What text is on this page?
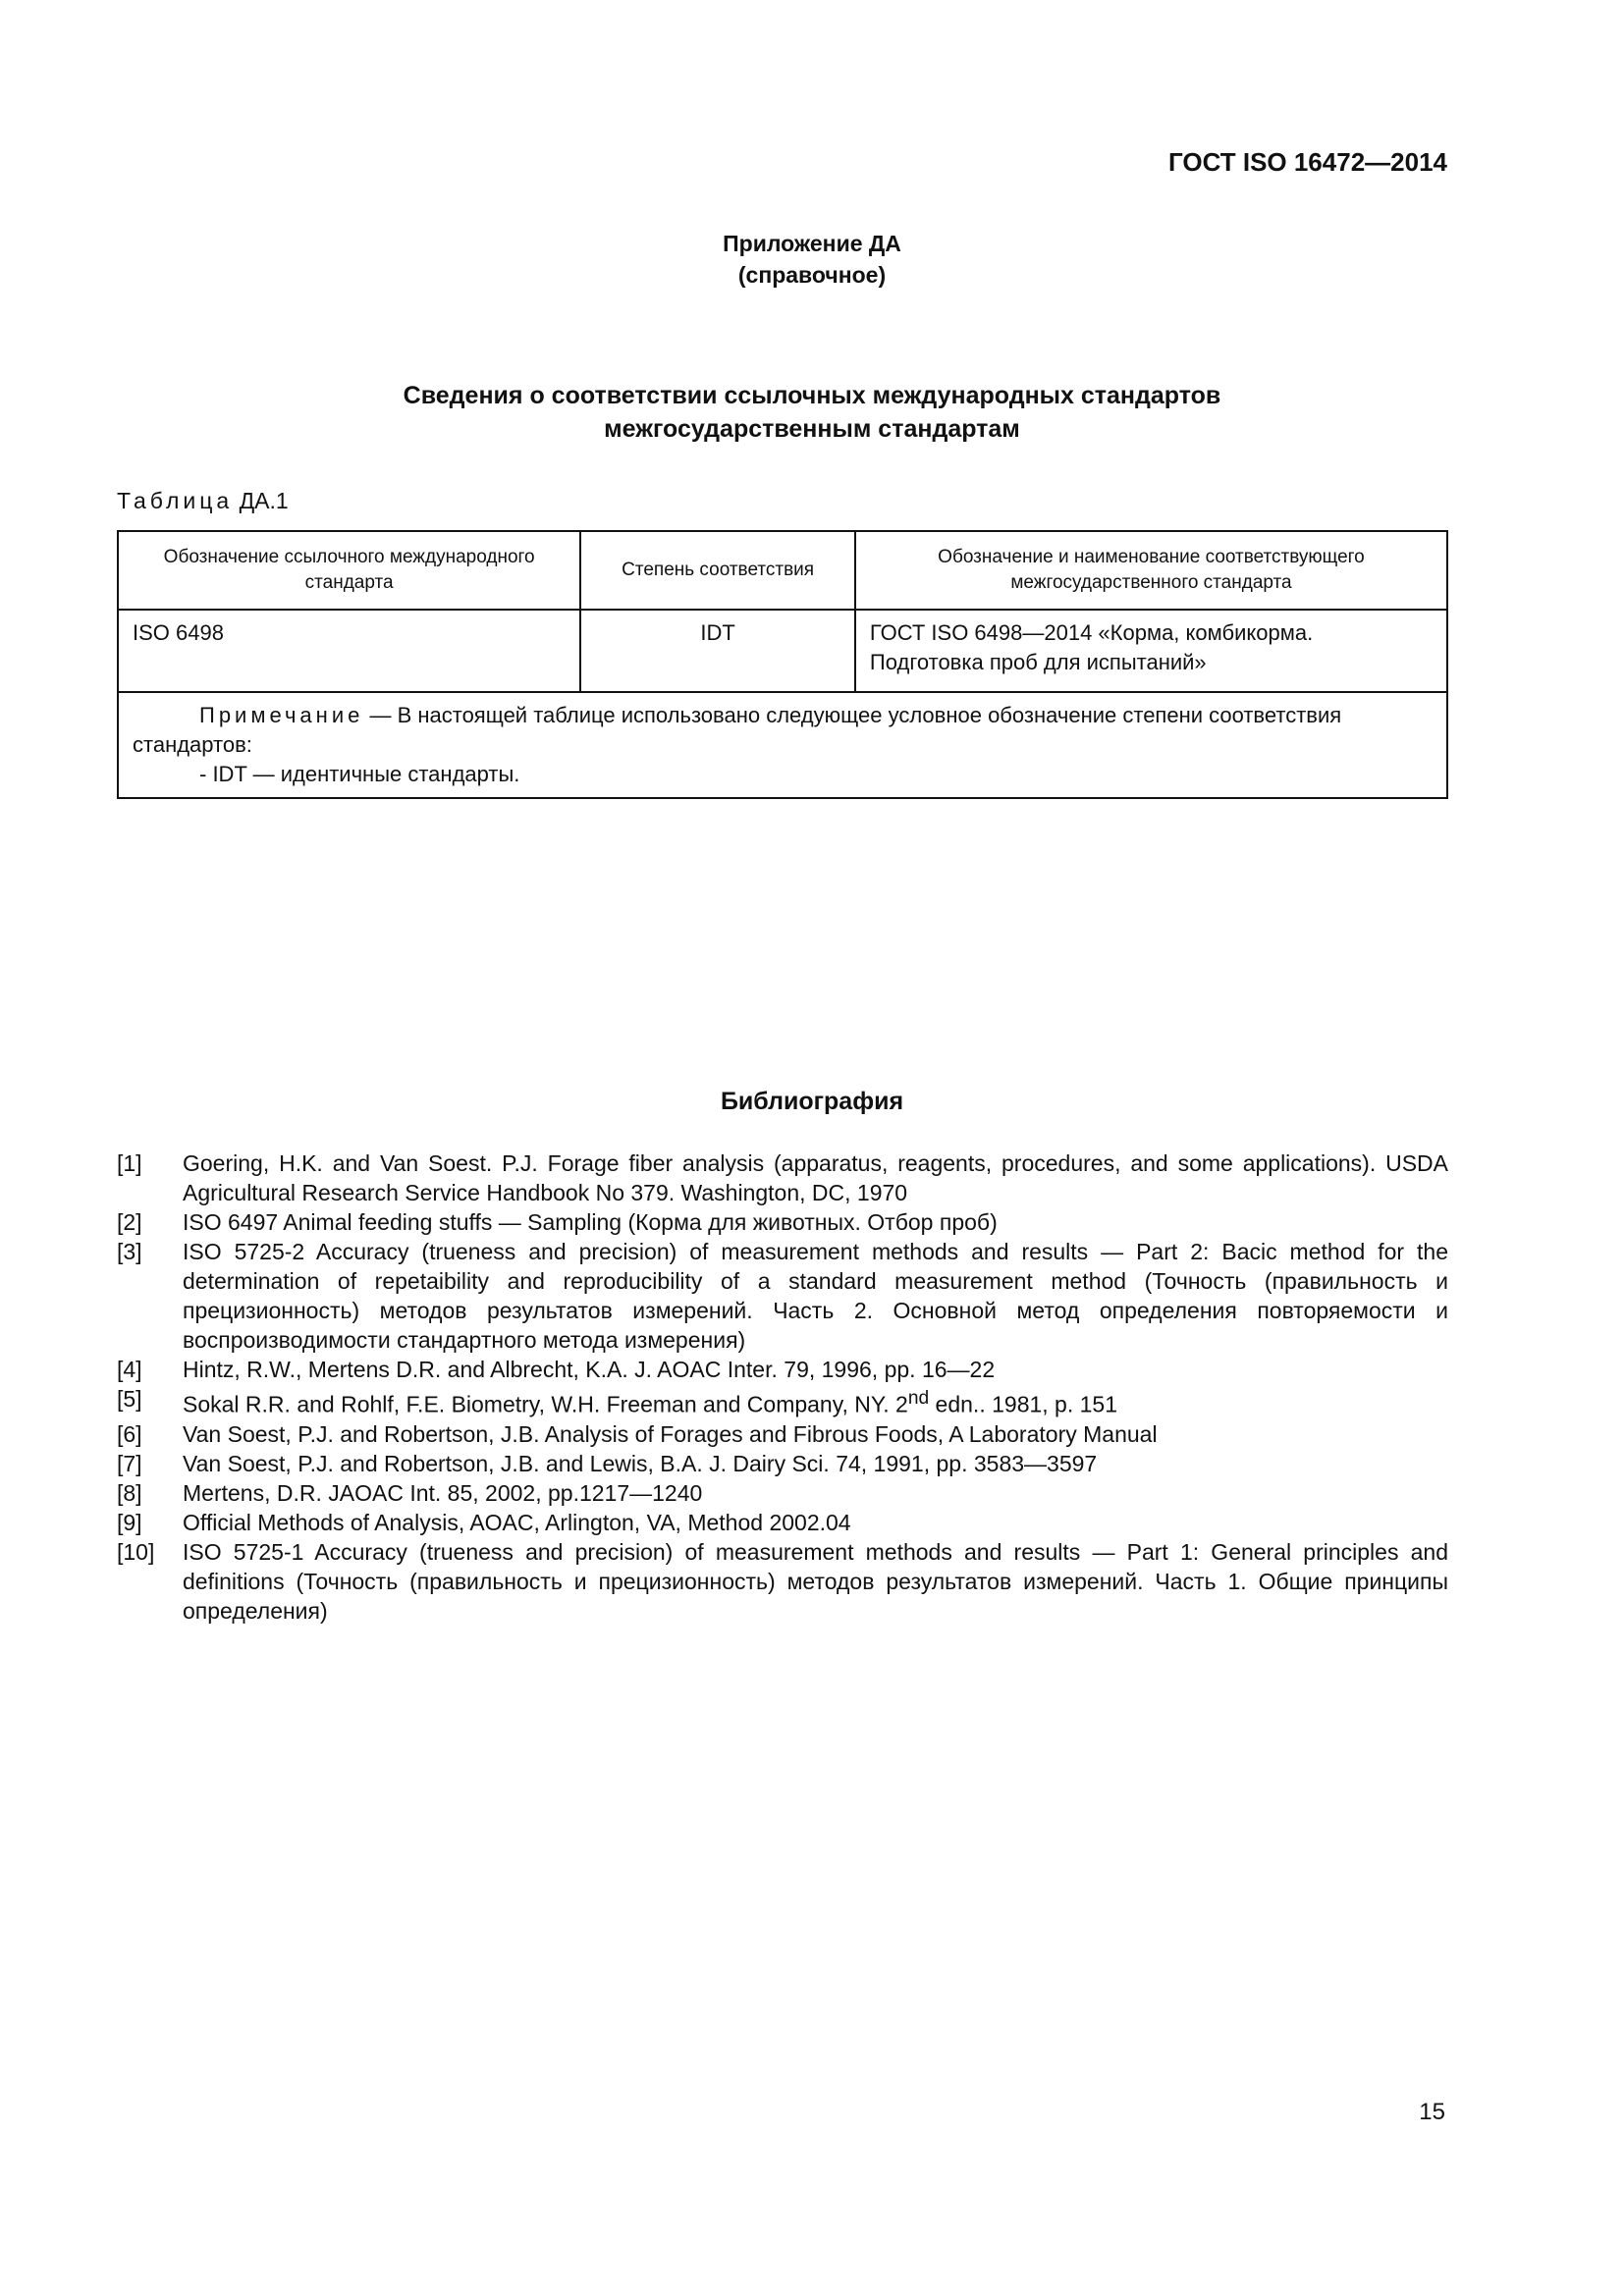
ГОСТ ISO 16472—2014
Приложение ДА
(справочное)
Сведения о соответствии ссылочных международных стандартов
межгосударственным стандартам
Таблица ДА.1
Обозначение ссылочного международного стандарта	Степень соответствия	Обозначение и наименование соответствующего межгосударственного стандарта
ISO 6498	IDT	ГОСТ ISO 6498—2014 «Корма, комбикорма. Подготовка проб для испытаний»

Примечание — В настоящей таблице использовано следующее условное обозначение степени соответствия стандартов:
- IDT — идентичные стандарты.		
Библиография
[1]	Goering, H.K. and Van Soest. P.J. Forage fiber analysis (apparatus, reagents, procedures, and some applications). USDA Agricultural Research Service Handbook No 379. Washington, DC, 1970
[2]	ISO 6497 Animal feeding stuffs — Sampling (Корма для животных. Отбор проб)
[3]	ISO 5725-2 Accuracy (trueness and precision) of measurement methods and results — Part 2: Bacic method for the determination of repetaibility and reproducibility of a standard measurement method (Точность (правильность и прецизионность) методов результатов измерений. Часть 2. Основной метод определения повторяемости и воспроизводимости стандартного метода измерения)
[4]	Hintz, R.W., Mertens D.R. and Albrecht, K.A. J. AOAC Inter. 79, 1996, pp. 16—22
[5]	Sokal R.R. and Rohlf, F.E. Biometry, W.H. Freeman and Company, NY. 2nd edn.. 1981, p. 151
[6]	Van Soest, P.J. and Robertson, J.B. Analysis of Forages and Fibrous Foods, A Laboratory Manual
[7]	Van Soest, P.J. and Robertson, J.B. and Lewis, B.A. J. Dairy Sci. 74, 1991, pp. 3583—3597
[8]	Mertens, D.R. JAOAC Int. 85, 2002, pp.1217—1240
[9]	Official Methods of Analysis, AOAC, Arlington, VA, Method 2002.04
[10]	ISO 5725-1 Accuracy (trueness and precision) of measurement methods and results — Part 1: General principles and definitions (Точность (правильность и прецизионность) методов результатов измерений. Часть 1. Общие принципы определения)
15
